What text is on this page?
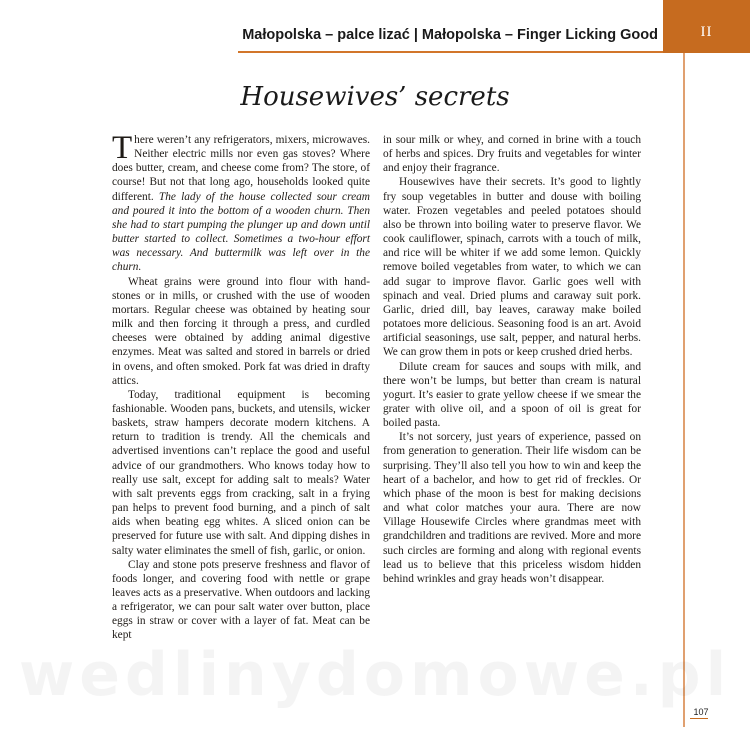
Małopolska – palce lizać | Małopolska – Finger Licking Good	II
Housewives’ secrets

There weren’t any refrigerators, mixers, microwaves. Neither electric mills nor even gas stoves? Where does butter, cream, and cheese come from? The store, of course! But not that long ago, households looked quite different. The lady of the house collected sour cream and poured it into the bottom of a wooden churn. Then she had to start pumping the plunger up and down until butter started to collect. Sometimes a two-hour effort was necessary. And buttermilk was left over in the churn.

Wheat grains were ground into flour with hand-stones or in mills, or crushed with the use of wooden mortars. Regular cheese was obtained by heating sour milk and then forcing it through a press, and curdled cheeses were obtained by adding animal digestive enzymes. Meat was salted and stored in barrels or dried in ovens, and often smoked. Pork fat was dried in drafty attics.

Today, traditional equipment is becoming fashionable. Wooden pans, buckets, and utensils, wicker baskets, straw hampers decorate modern kitchens. A return to tradition is trendy. All the chemicals and advertised inventions can’t replace the good and useful advice of our grandmothers. Who knows today how to really use salt, except for adding salt to meals? Water with salt prevents eggs from cracking, salt in a frying pan helps to prevent food burning, and a pinch of salt aids when beating egg whites. A sliced onion can be preserved for future use with salt. And dipping dishes in salty water eliminates the smell of fish, garlic, or onion.

Clay and stone pots preserve freshness and flavor of foods longer, and covering food with nettle or grape leaves acts as a preservative. When outdoors and lacking a refrigerator, we can pour salt water over button, place eggs in straw or cover with a layer of fat. Meat can be kept

in sour milk or whey, and corned in brine with a touch of herbs and spices. Dry fruits and vegetables for winter and enjoy their fragrance.

Housewives have their secrets. It’s good to lightly fry soup vegetables in butter and douse with boiling water. Frozen vegetables and peeled potatoes should also be thrown into boiling water to preserve flavor. We cook cauliflower, spinach, carrots with a touch of milk, and rice will be whiter if we add some lemon. Quickly remove boiled vegetables from water, to which we can add sugar to improve flavor. Garlic goes well with spinach and veal. Dried plums and caraway suit pork. Garlic, dried dill, bay leaves, caraway make boiled potatoes more delicious. Seasoning food is an art. Avoid artificial seasonings, use salt, pepper, and natural herbs. We can grow them in pots or keep crushed dried herbs.

Dilute cream for sauces and soups with milk, and there won’t be lumps, but better than cream is natural yogurt. It’s easier to grate yellow cheese if we smear the grater with olive oil, and a spoon of oil is great for boiled pasta.

It’s not sorcery, just years of experience, passed on from generation to generation. Their life wisdom can be surprising. They’ll also tell you how to win and keep the heart of a bachelor, and how to get rid of freckles. Or which phase of the moon is best for making decisions and what color matches your aura. There are now Village Housewife Circles where grandmas meet with grandchildren and traditions are revived. More and more such circles are forming and along with regional events lead us to believe that this priceless wisdom hidden behind wrinkles and gray heads won’t disappear.

107
